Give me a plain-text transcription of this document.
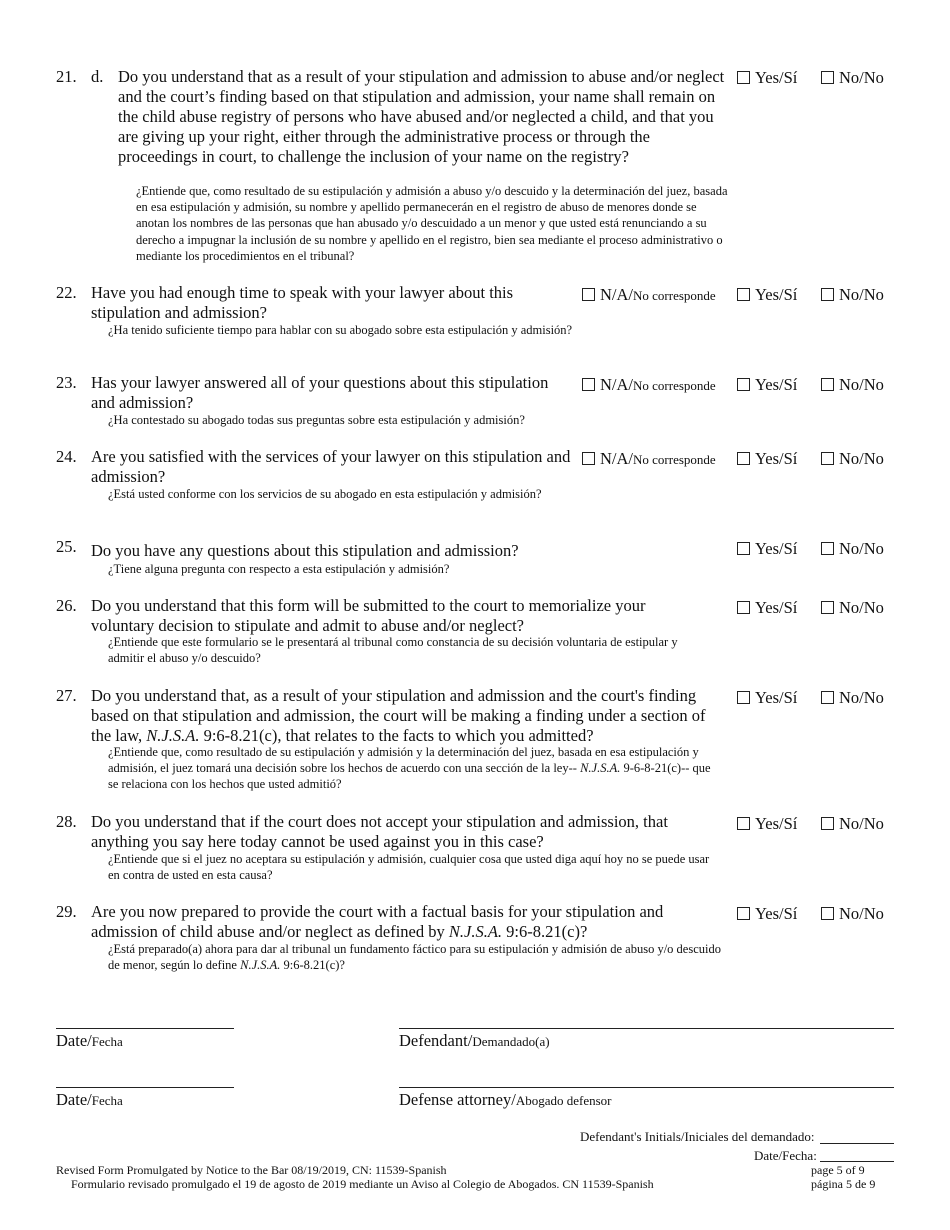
21. d. Do you understand that as a result of your stipulation and admission to abuse and/or neglect and the court’s finding based on that stipulation and admission, your name shall remain on the child abuse registry of persons who have abused and/or neglected a child, and that you are giving up your right, either through the administrative process or through the proceedings in court, to challenge the inclusion of your name on the registry?

¿Entiende que, como resultado de su estipulación y admisión a abuso y/o descuido y la determinación del juez, basada en esa estipulación y admisión, su nombre y apellido permanecerán en el registro de abuso de menores donde se anotan los nombres de las personas que han abusado y/o descuidado a un menor y que usted está renunciando a su derecho a impugnar la inclusión de su nombre y apellido en el registro, bien sea mediante el proceso administrativo o mediante los procedimientos en el tribunal?

Yes/Sí	No/No
22. Have you had enough time to speak with your lawyer about this stipulation and admission?

¿Ha tenido suficiente tiempo para hablar con su abogado sobre esta estipulación y admisión?

N/A/No corresponde	Yes/Sí	No/No
23. Has your lawyer answered all of your questions about this stipulation and admission?

¿Ha contestado su abogado todas sus preguntas sobre esta estipulación y admisión?

N/A/No corresponde	Yes/Sí	No/No
24. Are you satisfied with the services of your lawyer on this stipulation and admission?

¿Está usted conforme con los servicios de su abogado en esta estipulación y admisión?

N/A/No corresponde	Yes/Sí	No/No
25. Do you have any questions about this stipulation and admission?

¿Tiene alguna pregunta con respecto a esta estipulación y admisión?

Yes/Sí	No/No
26. Do you understand that this form will be submitted to the court to memorialize your voluntary decision to stipulate and admit to abuse and/or neglect?

¿Entiende que este formulario se le presentará al tribunal como constancia de su decisión voluntaria de estipular y admitir el abuso y/o descuido?

Yes/Sí	No/No
27. Do you understand that, as a result of your stipulation and admission and the court's finding based on that stipulation and admission, the court will be making a finding under a section of the law, N.J.S.A. 9:6-8.21(c), that relates to the facts to which you admitted?

¿Entiende que, como resultado de su estipulación y admisión y la determinación del juez, basada en esa estipulación y admisión, el juez tomará una decisión sobre los hechos de acuerdo con una sección de la ley-- N.J.S.A. 9-6-8-21(c)-- que se relaciona con los hechos que usted admitió?

Yes/Sí	No/No
28. Do you understand that if the court does not accept your stipulation and admission, that anything you say here today cannot be used against you in this case?

¿Entiende que si el juez no aceptara su estipulación y admisión, cualquier cosa que usted diga aquí hoy no se puede usar en contra de usted en esta causa?

Yes/Sí	No/No
29. Are you now prepared to provide the court with a factual basis for your stipulation and admission of child abuse and/or neglect as defined by N.J.S.A. 9:6-8.21(c)?

¿Está preparado(a) ahora para dar al tribunal un fundamento fáctico para su estipulación y admisión de abuso y/o descuido de menor, según lo define N.J.S.A. 9:6-8.21(c)?

Yes/Sí	No/No
Date/Fecha	Defendant/Demandado(a)
Date/Fecha	Defense attorney/Abogado defensor
Defendant's Initials/Iniciales del demandado:
Date/Fecha:
Revised Form Promulgated by Notice to the Bar 08/19/2019, CN: 11539-Spanish
Formulario revisado promulgado el 19 de agosto de 2019 mediante un Aviso al Colegio de Abogados. CN 11539-Spanish
page 5 of 9
página 5 de 9
